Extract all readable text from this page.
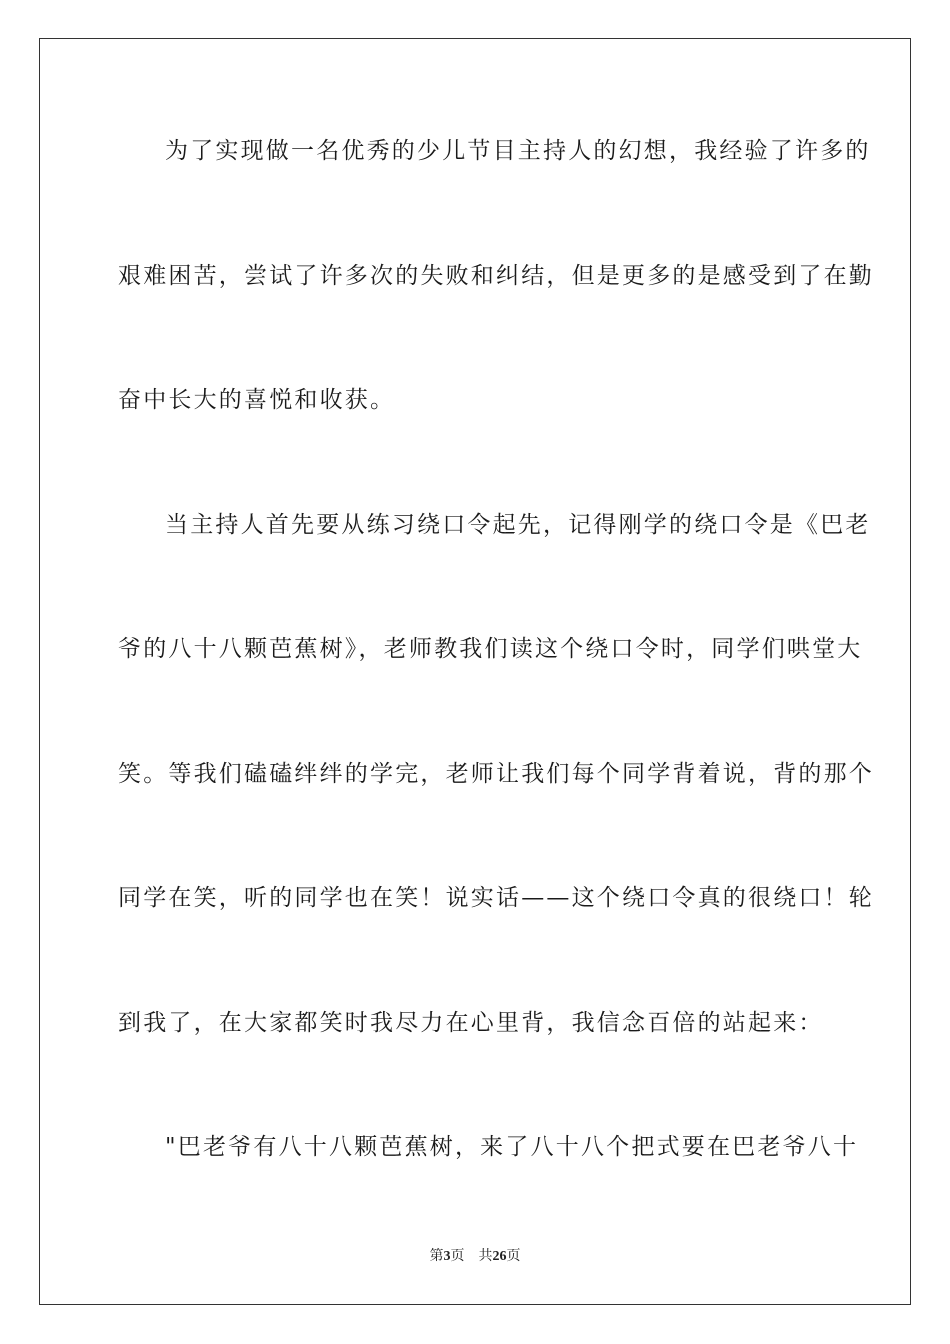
为了实现做一名优秀的少儿节目主持人的幻想，我经验了许多的
艰难困苦，尝试了许多次的失败和纠结，但是更多的是感受到了在勤
奋中长大的喜悦和收获。
当主持人首先要从练习绕口令起先，记得刚学的绕口令是《巴老
爷的八十八颗芭蕉树》，老师教我们读这个绕口令时，同学们哄堂大
笑。等我们磕磕绊绊的学完，老师让我们每个同学背着说，背的那个
同学在笑，听的同学也在笑！说实话——这个绕口令真的很绕口！轮
到我了，在大家都笑时我尽力在心里背，我信念百倍的站起来：
"巴老爷有八十八颗芭蕉树，来了八十八个把式要在巴老爷八十
第3页 共26页
